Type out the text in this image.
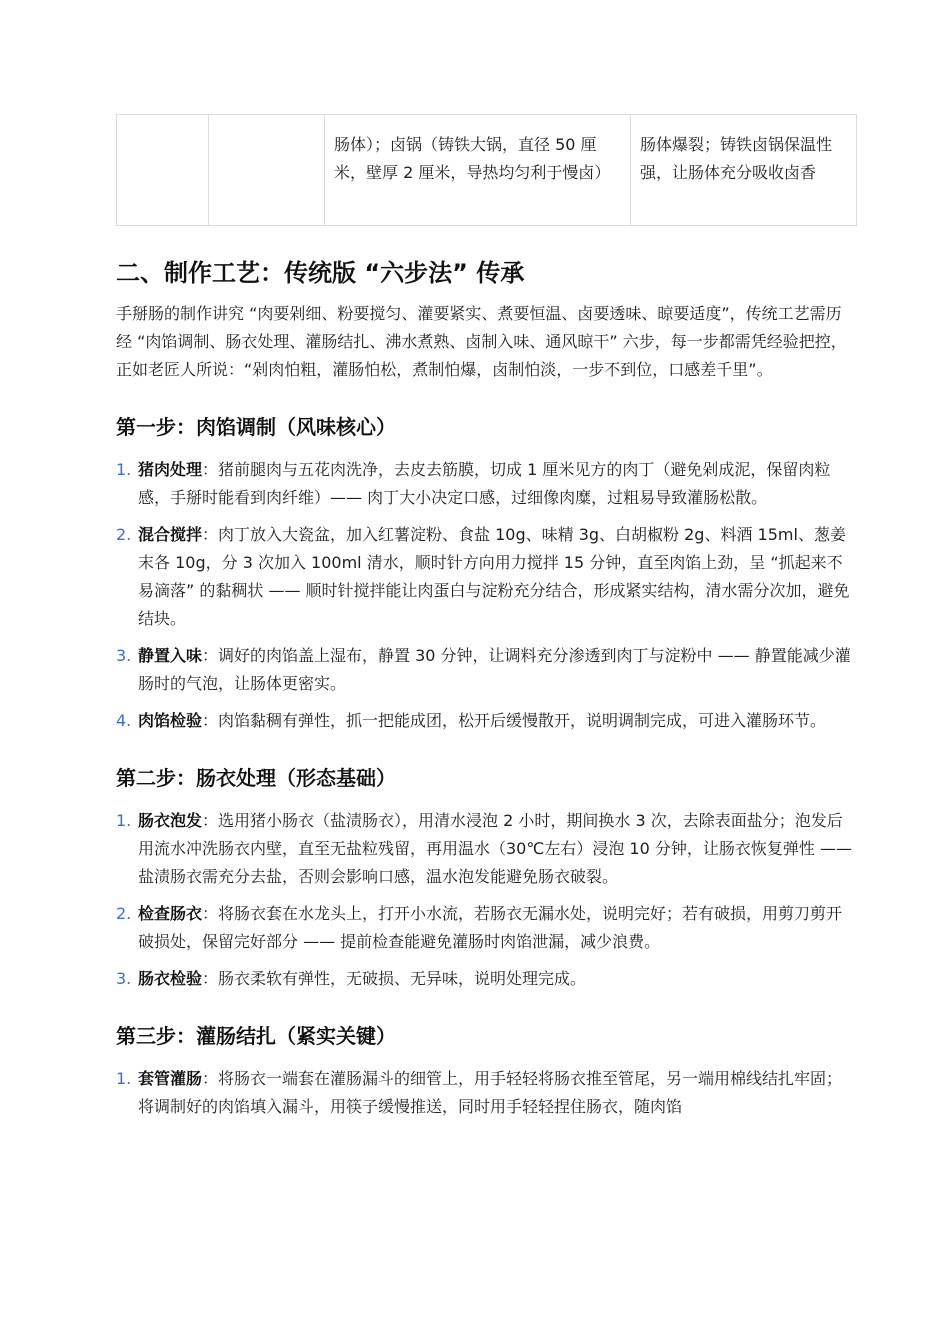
		肠体）；卤锅（铸铁大锅，直径 50 厘米，壁厚 2 厘米，导热均匀利于慢卤）	肠体爆裂；铸铁卤锅保温性强，让肠体充分吸收卤香
二、制作工艺：传统版 “六步法” 传承

手掰肠的制作讲究 “肉要剁细、粉要搅匀、灌要紧实、煮要恒温、卤要透味、晾要适度”，传统工艺需历经 “肉馅调制、肠衣处理、灌肠结扎、沸水煮熟、卤制入味、通风晾干” 六步，每一步都需凭经验把控，正如老匠人所说：“剁肉怕粗，灌肠怕松，煮制怕爆，卤制怕淡，一步不到位，口感差千里”。

第一步：肉馅调制（风味核心）
1. 猪肉处理：猪前腿肉与五花肉洗净，去皮去筋膜，切成 1 厘米见方的肉丁（避免剁成泥，保留肉粒感，手掰时能看到肉纤维）—— 肉丁大小决定口感，过细像肉糜，过粗易导致灌肠松散。
2. 混合搅拌：肉丁放入大瓷盆，加入红薯淀粉、食盐 10g、味精 3g、白胡椒粉 2g、料酒 15ml、葱姜末各 10g，分 3 次加入 100ml 清水，顺时针方向用力搅拌 15 分钟，直至肉馅上劲，呈 “抓起来不易滴落” 的黏稠状 —— 顺时针搅拌能让肉蛋白与淀粉充分结合，形成紧实结构，清水需分次加，避免结块。
3. 静置入味：调好的肉馅盖上湿布，静置 30 分钟，让调料充分渗透到肉丁与淀粉中 —— 静置能减少灌肠时的气泡，让肠体更密实。
4. 肉馅检验：肉馅黏稠有弹性，抓一把能成团，松开后缓慢散开，说明调制完成，可进入灌肠环节。
第二步：肠衣处理（形态基础）
1. 肠衣泡发：选用猪小肠衣（盐渍肠衣），用清水浸泡 2 小时，期间换水 3 次，去除表面盐分；泡发后用流水冲洗肠衣内壁，直至无盐粒残留，再用温水（30℃左右）浸泡 10 分钟，让肠衣恢复弹性 —— 盐渍肠衣需充分去盐，否则会影响口感，温水泡发能避免肠衣破裂。
2. 检查肠衣：将肠衣套在水龙头上，打开小水流，若肠衣无漏水处，说明完好；若有破损，用剪刀剪开破损处，保留完好部分 —— 提前检查能避免灌肠时肉馅泄漏，减少浪费。
3. 肠衣检验：肠衣柔软有弹性，无破损、无异味，说明处理完成。
第三步：灌肠结扎（紧实关键）
1. 套管灌肠：将肠衣一端套在灌肠漏斗的细管上，用手轻轻将肠衣推至管尾，另一端用棉线结扎牢固；将调制好的肉馅填入漏斗，用筷子缓慢推送，同时用手轻轻捏住肠衣，随肉馅
